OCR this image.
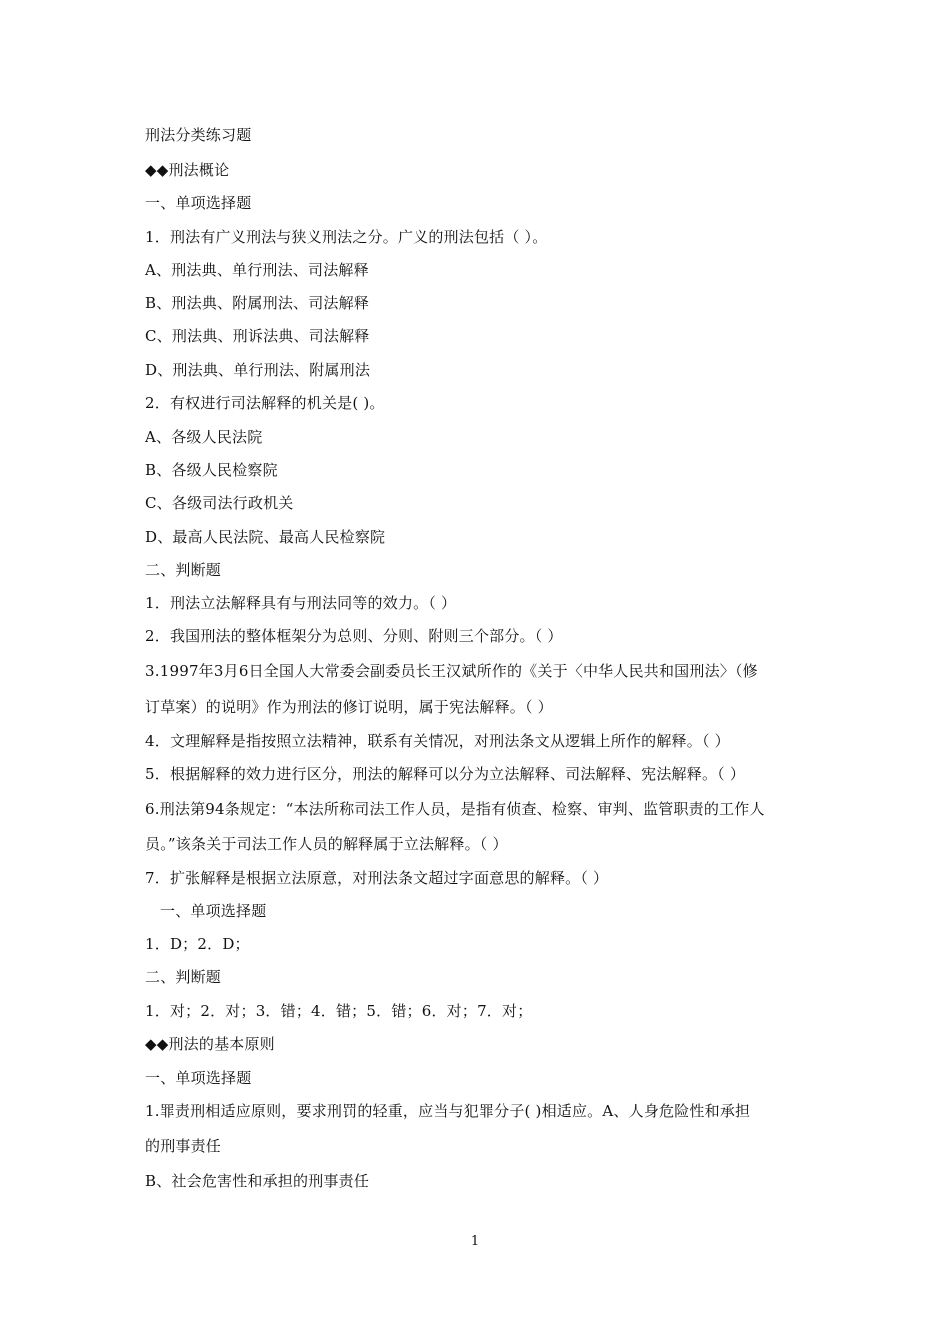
刑法分类练习题
◆◆刑法概论
一、单项选择题
1．刑法有广义刑法与狭义刑法之分。广义的刑法包括（ ）。
A、刑法典、单行刑法、司法解释
B、刑法典、附属刑法、司法解释
C、刑法典、刑诉法典、司法解释
D、刑法典、单行刑法、附属刑法
2．有权进行司法解释的机关是( )。
A、各级人民法院
B、各级人民检察院
C、各级司法行政机关
D、最高人民法院、最高人民检察院
二、判断题
1．刑法立法解释具有与刑法同等的效力。（ ）
2．我国刑法的整体框架分为总则、分则、附则三个部分。（ ）
3.1997年3月6日全国人大常委会副委员长王汉斌所作的《关于〈中华人民共和国刑法〉（修
订草案）的说明》作为刑法的修订说明，属于宪法解释。（ ）
4．文理解释是指按照立法精神，联系有关情况，对刑法条文从逻辑上所作的解释。（ ）
5．根据解释的效力进行区分，刑法的解释可以分为立法解释、司法解释、宪法解释。（ ）
6.刑法第94条规定：“本法所称司法工作人员，是指有侦查、检察、审判、监管职责的工作人
员。”该条关于司法工作人员的解释属于立法解释。（ ）
7．扩张解释是根据立法原意，对刑法条文超过字面意思的解释。（ ）
一、单项选择题
1．D；2．D；
二、判断题
1．对；2．对；3．错；4．错；5．错；6．对；7．对；
◆◆刑法的基本原则
一、单项选择题
1.罪责刑相适应原则，要求刑罚的轻重，应当与犯罪分子( )相适应。A、人身危险性和承担
的刑事责任
B、社会危害性和承担的刑事责任
1
